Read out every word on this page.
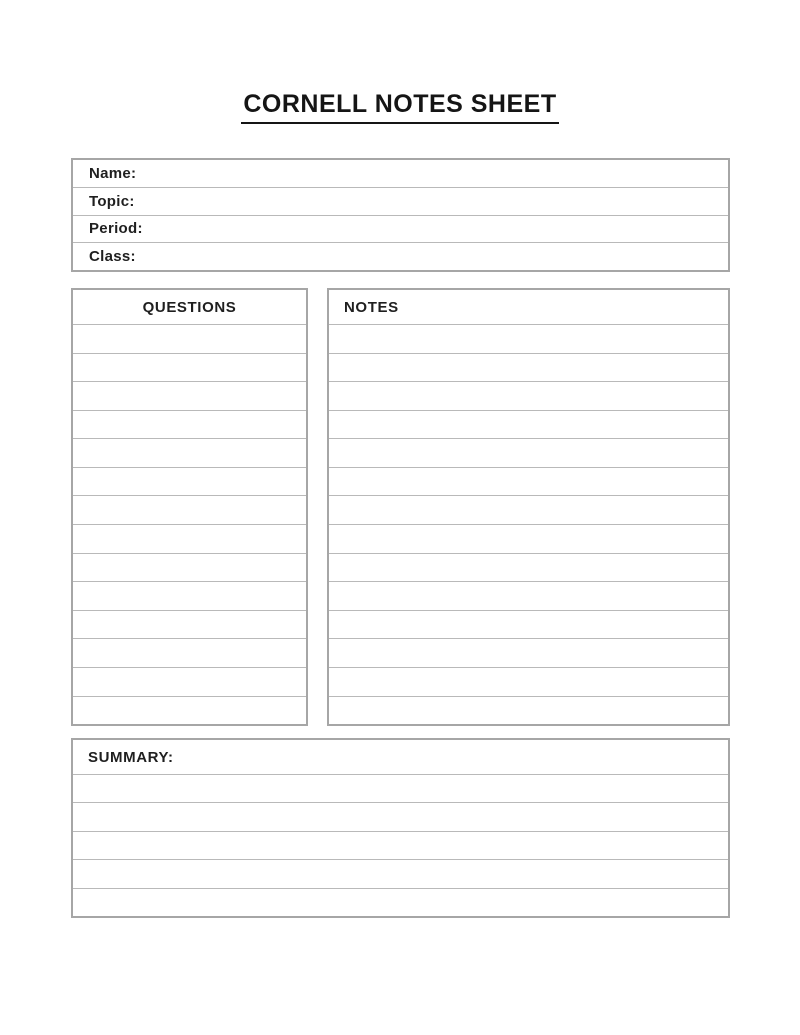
CORNELL NOTES SHEET
Name:
Topic:
Period:
Class:
QUESTIONS	NOTES
SUMMARY:
